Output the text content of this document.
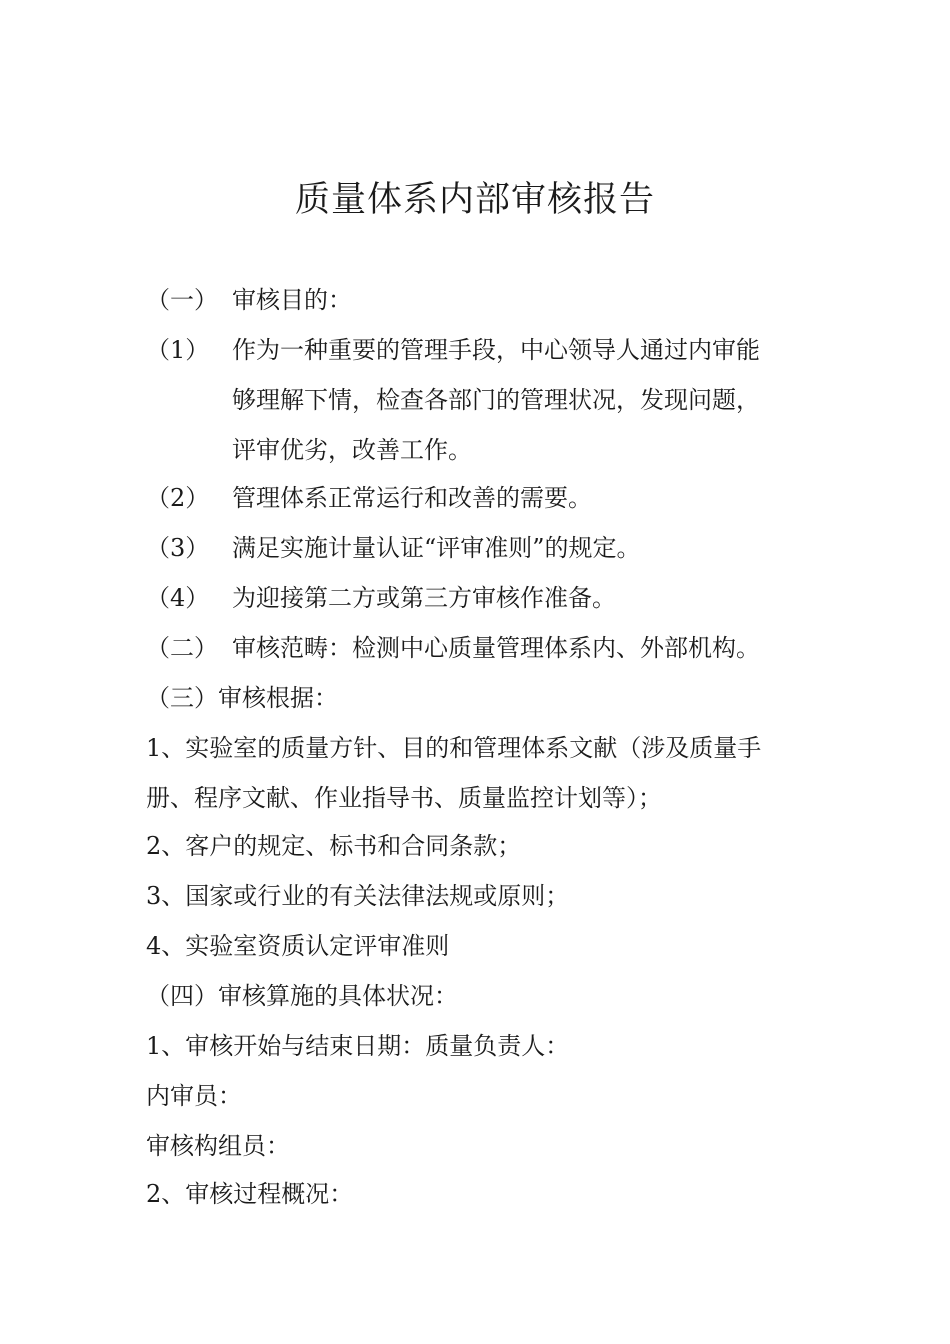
质量体系内部审核报告
（一） 审核目的：
（1） 作为一种重要的管理手段，中心领导人通过内审能
够理解下情，检查各部门的管理状况，发现问题，
评审优劣，改善工作。
（2） 管理体系正常运行和改善的需要。
（3） 满足实施计量认证“评审准则”的规定。
（4） 为迎接第二方或第三方审核作准备。
（二） 审核范畴：检测中心质量管理体系内、外部机构。
（三）审核根据：
1、实验室的质量方针、目的和管理体系文献（涉及质量手
册、程序文献、作业指导书、质量监控计划等）；
2、客户的规定、标书和合同条款；
3、国家或行业的有关法律法规或原则；
4、实验室资质认定评审准则
（四）审核算施的具体状况：
1、审核开始与结束日期：质量负责人：
内审员：
审核构组员：
2、审核过程概况：
